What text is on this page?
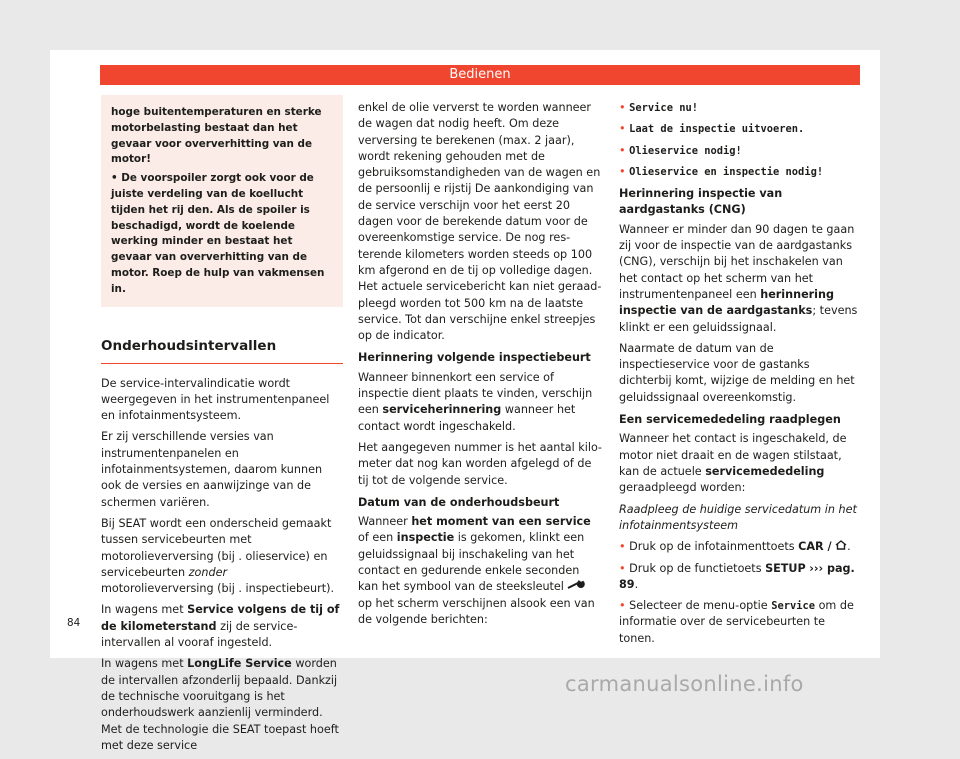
Bedienen

hoge buitentemperaturen en sterke motorbelasting bestaat dan het gevaar voor oververhitting van de motor!

• De voorspoiler zorgt ook voor de juiste verdeling van de koellucht tijden het rij den. Als de spoiler is beschadigd, wordt de koelende werking minder en bestaat het gevaar van oververhitting van de motor. Roep de hulp van vakmensen in.

Onderhoudsintervallen

De service-intervalindicatie wordt weergegeven in het instrumentenpaneel en infotainmentsysteem.

Er zij verschillende versies van instrumentenpanelen en infotainmentsystemen, daarom kunnen ook de versies en aanwijzinge van de schermen variëren.

Bij SEAT wordt een onderscheid gemaakt tussen servicebeurten met motorolieverversing (bij . olieservice) en servicebeurten zonder motorolieverversing (bij . inspectiebeurt).

In wagens met Service volgens de tij of de kilometerstand zij de service-intervallen al vooraf ingesteld.

In wagens met LongLife Service worden de intervallen afzonderlij bepaald. Dankzij de technische vooruitgang is het onderhoudswerk aanzienlij verminderd. Met de technologie die SEAT toepast hoeft met deze service

enkel de olie ververst te worden wanneer de wagen dat nodig heeft. Om deze verversing te berekenen (max. 2 jaar), wordt rekening gehouden met de gebruiksomstandigheden van de wagen en de persoonlij e rijstij De aankondiging van de service verschijn voor het eerst 20 dagen voor de berekende datum voor de overeenkomstige service. De nog resterende kilometers worden steeds op 100 km afgerond en de tij op volledige dagen. Het actuele servicebericht kan niet geraadpleegd worden tot 500 km na de laatste service. Tot dan verschijne enkel streepjes op de indicator.

Herinnering volgende inspectiebeurt

Wanneer binnenkort een service of inspectie dient plaats te vinden, verschijn een serviceherinnering wanneer het contact wordt ingeschakeld.

Het aangegeven nummer is het aantal kilometer dat nog kan worden afgelegd of de tij tot de volgende service.

Datum van de onderhoudsbeurt

Wanneer het moment van een service of een inspectie is gekomen, klinkt een geluidssignaal bij inschakeling van het contact en gedurende enkele seconden kan het symbool van de steeksleutel  op het scherm verschijnen alsook een van de volgende berichten:

• Service nu!

• Laat de inspectie uitvoeren.

• Olieservice nodig!

• Olieservice en inspectie nodig!

Herinnering inspectie van aardgastanks (CNG)

Wanneer er minder dan 90 dagen te gaan zij voor de inspectie van de aardgastanks (CNG), verschijn bij het inschakelen van het contact op het scherm van het instrumentenpaneel een herinnering inspectie van de aardgastanks; tevens klinkt er een geluidssignaal.

Naarmate de datum van de inspectieservice voor de gastanks dichterbij komt, wijzige de melding en het geluidssignaal overeenkomstig.

Een servicemededeling raadplegen

Wanneer het contact is ingeschakeld, de motor niet draait en de wagen stilstaat, kan de actuele servicemededeling geraadpleegd worden:

Raadpleeg de huidige servicedatum in het infotainmentsysteem

• Druk op de infotainmenttoets CAR / .

• Druk op de functietoets SETUP ››› pag. 89.

• Selecteer de menu-optie Service om de informatie over de servicebeurten te tonen.

84
carmanualsonline.info
